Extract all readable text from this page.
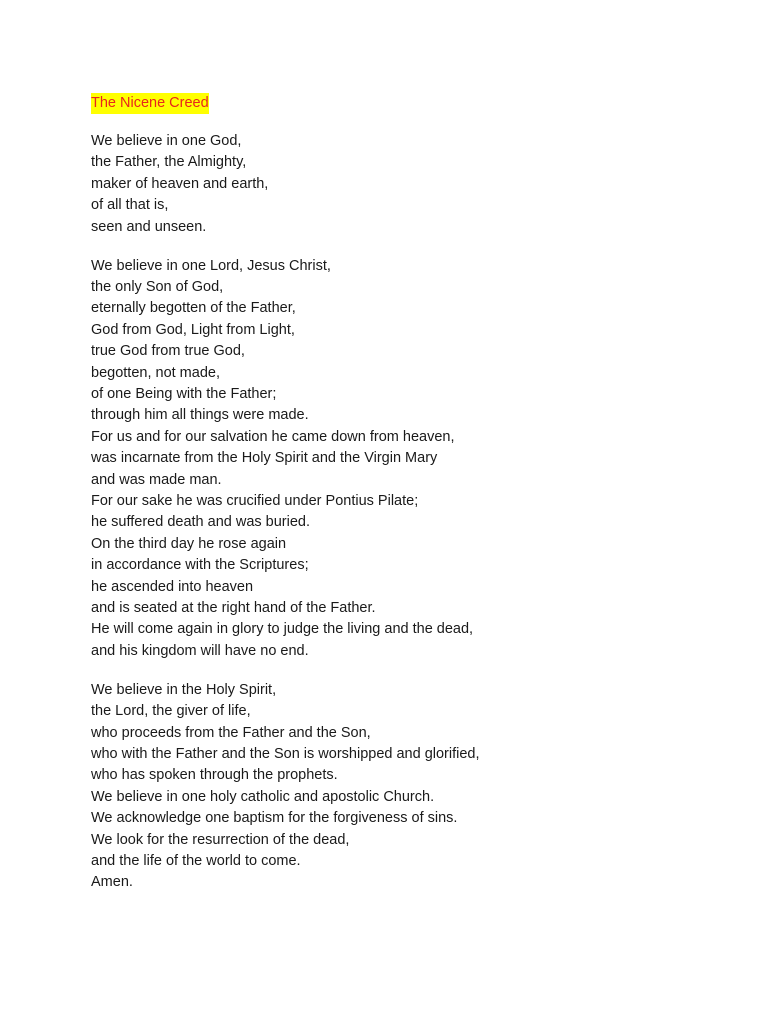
The Nicene Creed
We believe in one God,
the Father, the Almighty,
maker of heaven and earth,
of all that is,
seen and unseen.
We believe in one Lord, Jesus Christ,
the only Son of God,
eternally begotten of the Father,
God from God, Light from Light,
true God from true God,
begotten, not made,
of one Being with the Father;
through him all things were made.
For us and for our salvation he came down from heaven,
was incarnate from the Holy Spirit and the Virgin Mary
and was made man.
For our sake he was crucified under Pontius Pilate;
he suffered death and was buried.
On the third day he rose again
in accordance with the Scriptures;
he ascended into heaven
and is seated at the right hand of the Father.
He will come again in glory to judge the living and the dead,
and his kingdom will have no end.
We believe in the Holy Spirit,
the Lord, the giver of life,
who proceeds from the Father and the Son,
who with the Father and the Son is worshipped and glorified,
who has spoken through the prophets.
We believe in one holy catholic and apostolic Church.
We acknowledge one baptism for the forgiveness of sins.
We look for the resurrection of the dead,
and the life of the world to come.
Amen.
